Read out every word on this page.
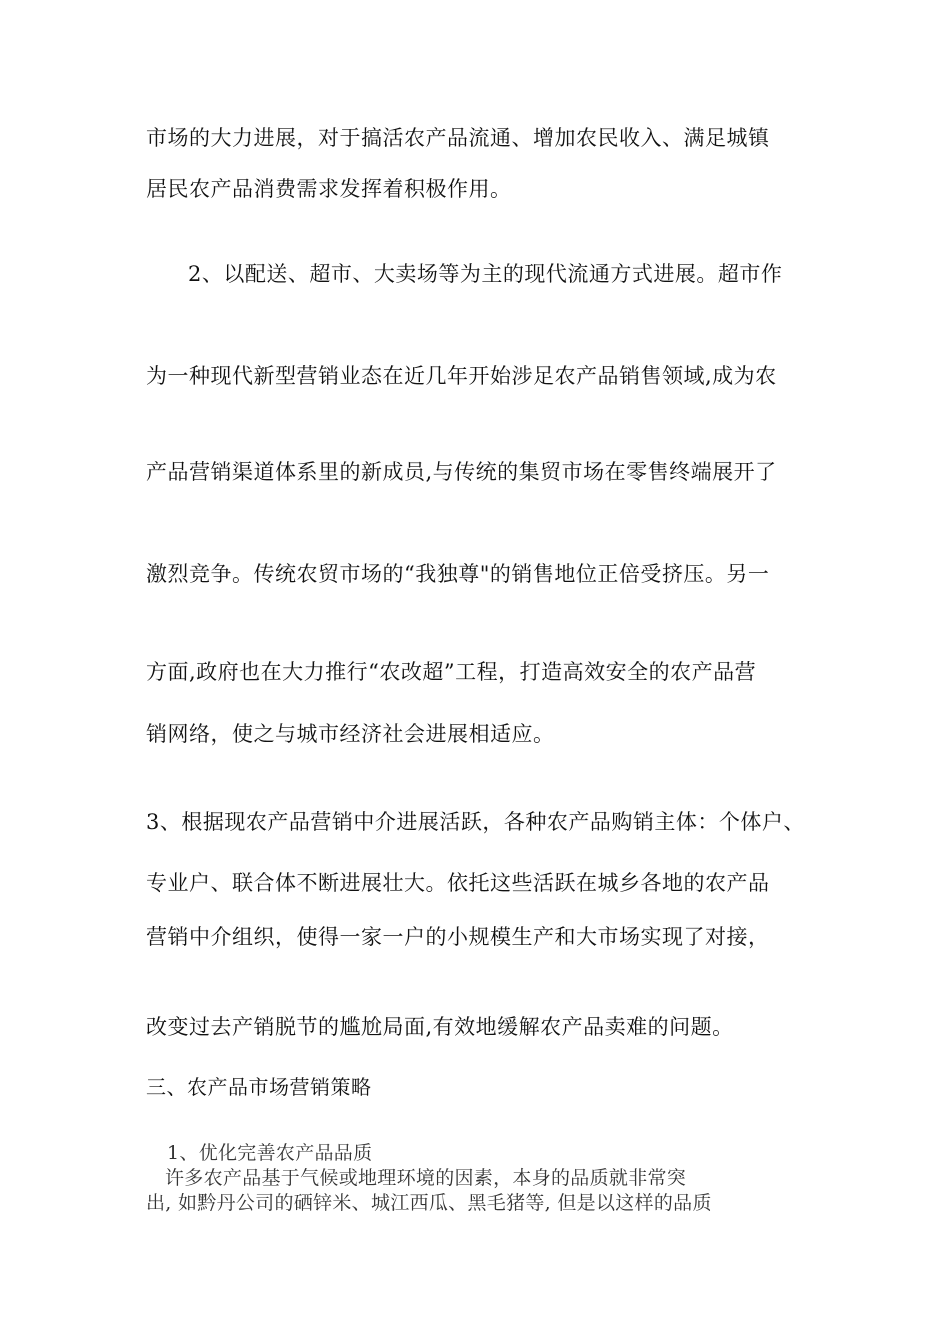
市场的大力进展，对于搞活农产品流通、增加农民收入、满足城镇
居民农产品消费需求发挥着积极作用。
2、以配送、超市、大卖场等为主的现代流通方式进展。超市作
为一种现代新型营销业态在近几年开始涉足农产品销售领域,成为农
产品营销渠道体系里的新成员,与传统的集贸市场在零售终端展开了
激烈竞争。传统农贸市场的“我独尊"的销售地位正倍受挤压。另一
方面,政府也在大力推行“农改超”工程，打造高效安全的农产品营
销网络，使之与城市经济社会进展相适应。
3、根据现农产品营销中介进展活跃，各种农产品购销主体：个体户、
专业户、联合体不断进展壮大。依托这些活跃在城乡各地的农产品
营销中介组织，使得一家一户的小规模生产和大市场实现了对接，
改变过去产销脱节的尴尬局面,有效地缓解农产品卖难的问题。
三、农产品市场营销策略
1、优化完善农产品品质
许多农产品基于气候或地理环境的因素，本身的品质就非常突
出, 如黔丹公司的硒锌米、城江西瓜、黑毛猪等, 但是以这样的品质
